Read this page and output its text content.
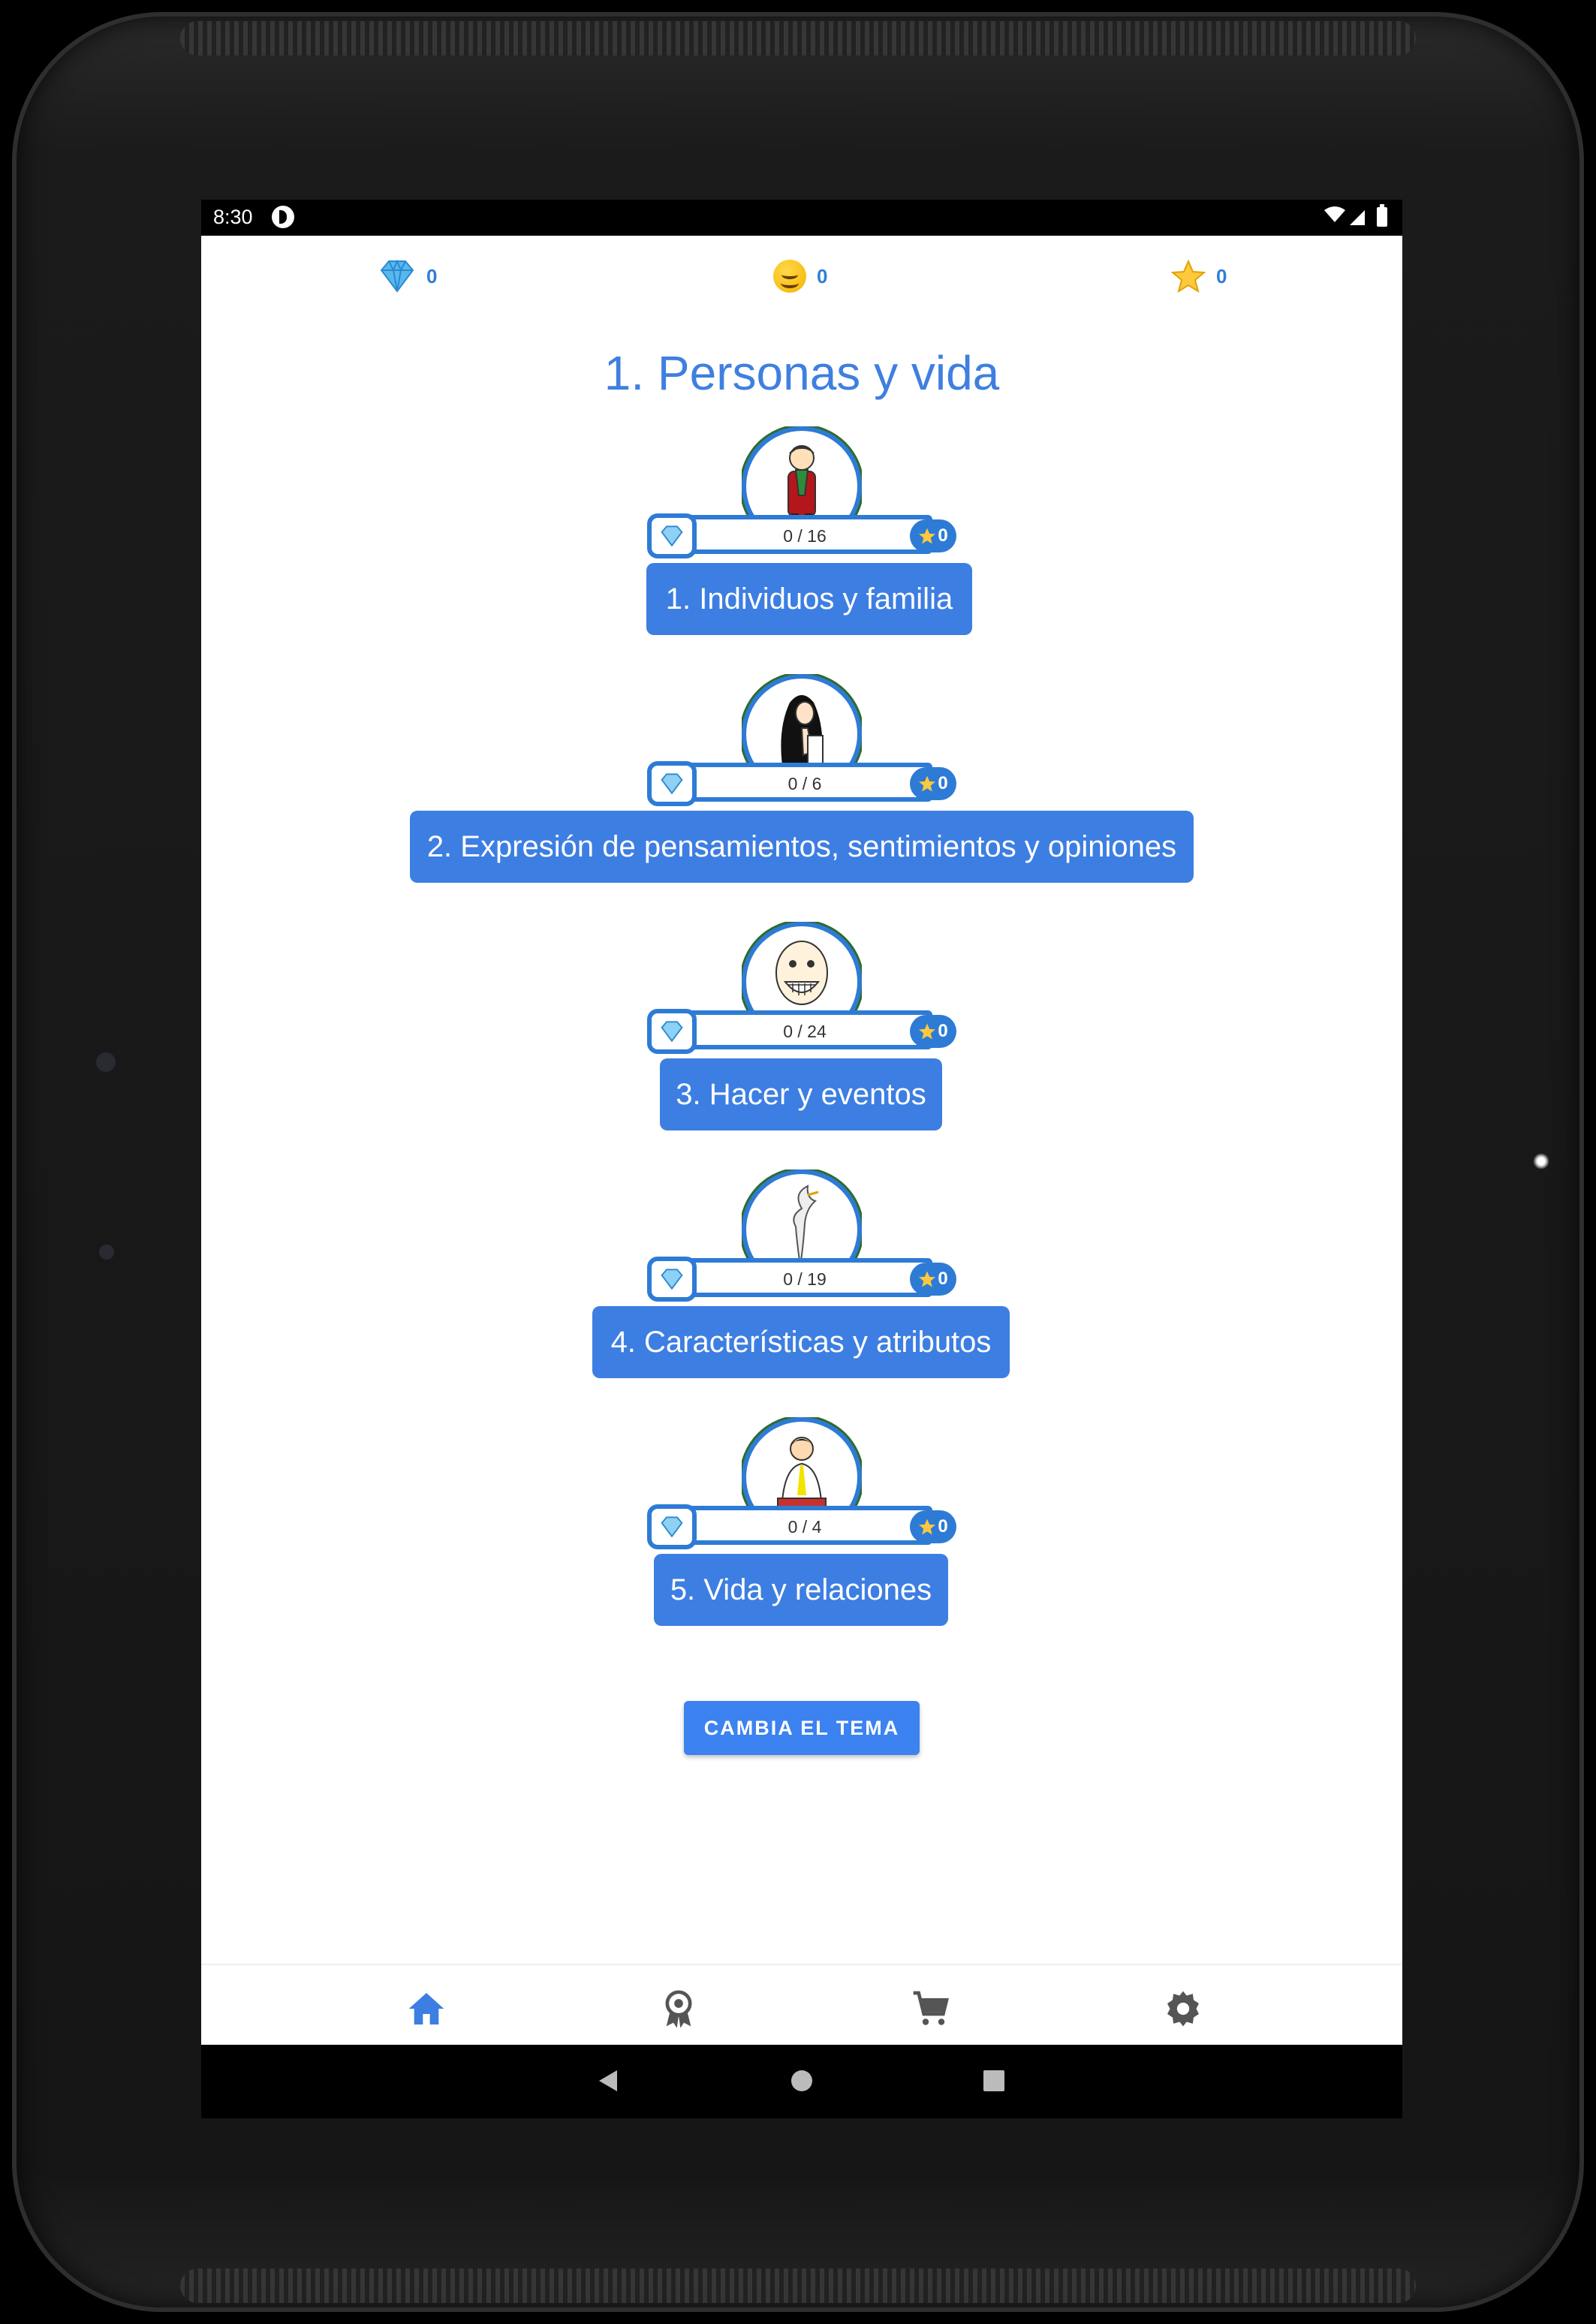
8:30
0	0	0
1. Personas y vida
0 / 16	0
1. Individuos y familia
0 / 6	0
2. Expresión de pensamientos, sentimientos y opiniones
0 / 24	0
3. Hacer y eventos
0 / 19	0
4. Características y atributos
0 / 4	0
5. Vida y relaciones
CAMBIA EL TEMA
